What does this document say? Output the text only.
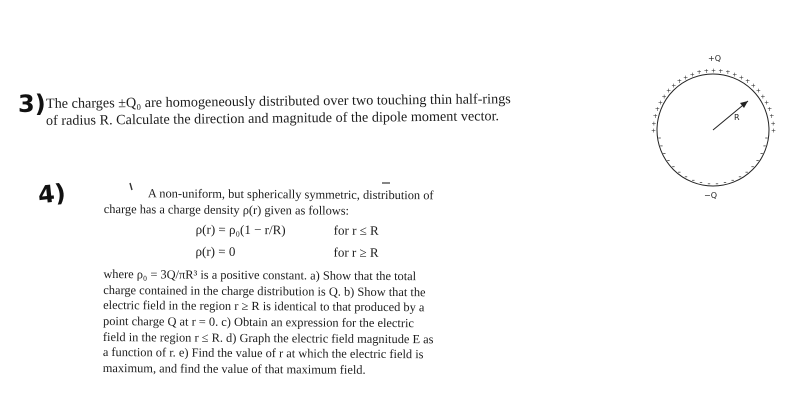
3) The charges ±Q₀ are homogeneously distributed over two touching thin half-rings
of radius R. Calculate the direction and magnitude of the dipole moment vector.
4)	A non-uniform, but spherically symmetric, distribution of
charge has a charge density ρ(r) given as follows:

ρ(r) = ρ₀(1 − r/R)	for r ≤ R
ρ(r) = 0	for r ≥ R

where ρ₀ = 3Q/πR³ is a positive constant. a) Show that the total
charge contained in the charge distribution is Q. b) Show that the
electric field in the region r ≥ R is identical to that produced by a
point charge Q at r = 0. c) Obtain an expression for the electric
field in the region r ≤ R. d) Graph the electric field magnitude E as
a function of r. e) Find the value of r at which the electric field is
maximum, and find the value of that maximum field.

+Q
+
+
+
+
+
+
+
+
+
+ + + + + + + + +
+
+
+
+
+
+
+
+
+
R
−Q
